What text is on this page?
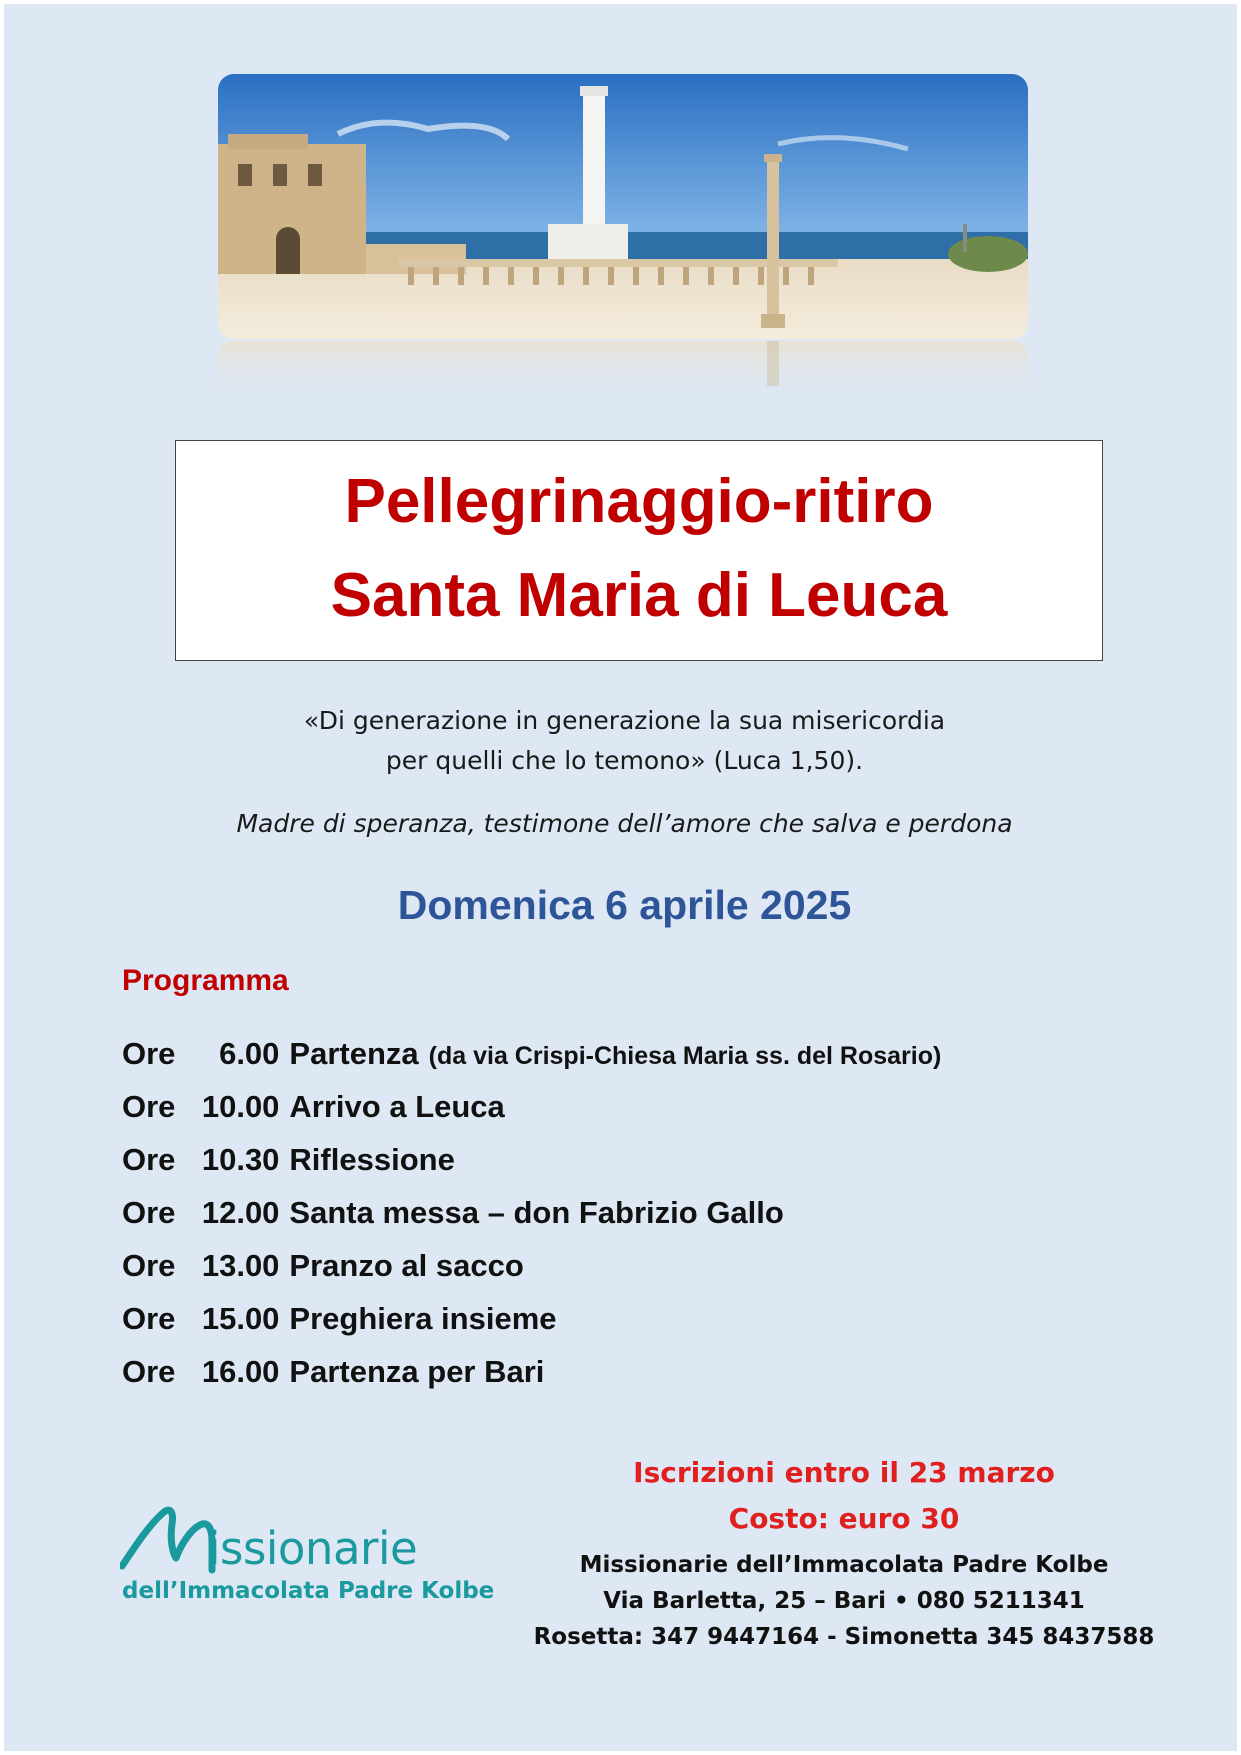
Pellegrinaggio-ritiro

Santa Maria di Leuca

«Di generazione in generazione la sua misericordia
per quelli che lo temono» (Luca 1,50).
Madre di speranza, testimone dell’amore che salva e perdona
Domenica 6 aprile 2025
Programma
Ore 6.00 Partenza (da via Crispi-Chiesa Maria ss. del Rosario)
Ore 10.00 Arrivo a Leuca
Ore 10.30 Riflessione
Ore 12.00 Santa messa – don Fabrizio Gallo
Ore 13.00 Pranzo al sacco
Ore 15.00 Preghiera insieme
Ore 16.00 Partenza per Bari
Iscrizioni entro il 23 marzo
Costo: euro 30
Missionarie dell’Immacolata Padre Kolbe
Via Barletta, 25 – Bari • 080 5211341
Rosetta: 347 9447164 - Simonetta 345 8437588
issionarie
dell’Immacolata Padre Kolbe
